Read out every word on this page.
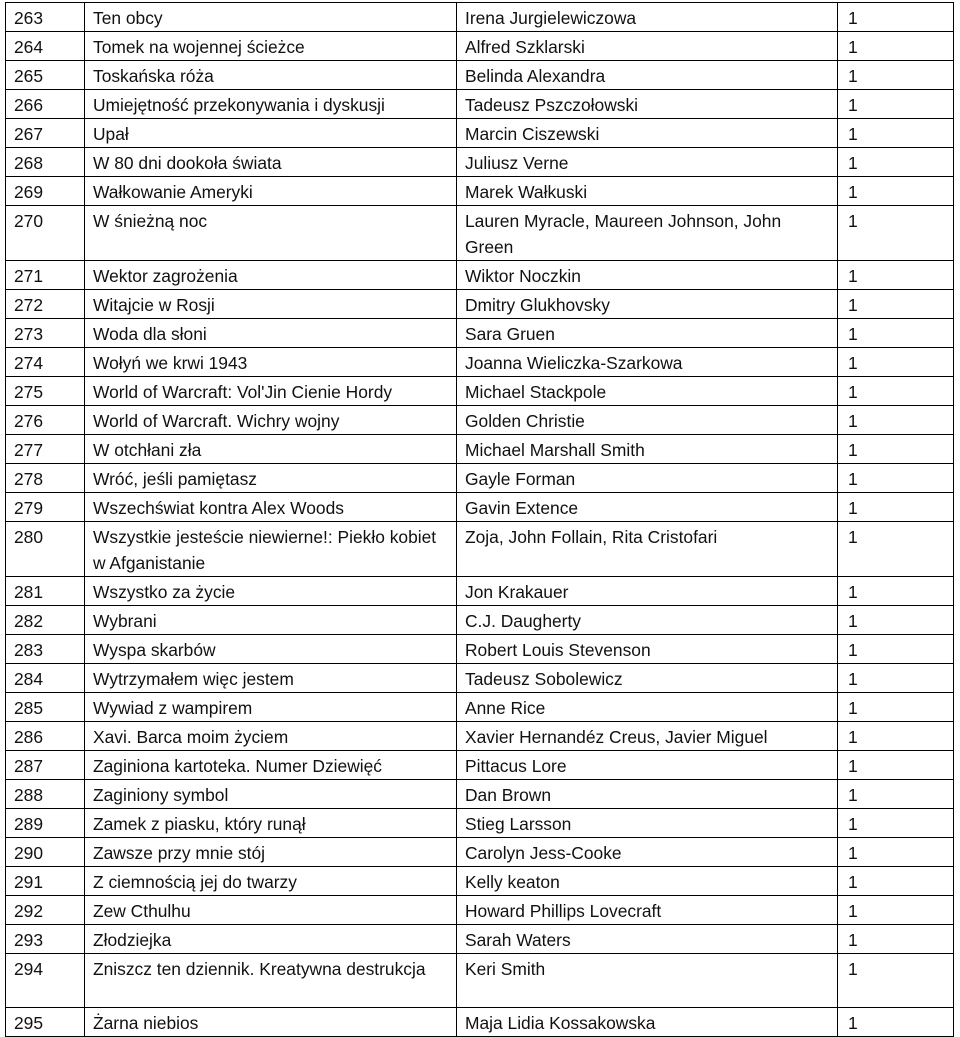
263	Ten obcy	Irena Jurgielewiczowa	1
264	Tomek na wojennej ścieżce	Alfred Szklarski	1
265	Toskańska róża	Belinda Alexandra	1
266	Umiejętność przekonywania i dyskusji	Tadeusz Pszczołowski	1
267	Upał	Marcin Ciszewski	1
268	W 80 dni dookoła świata	Juliusz Verne	1
269	Wałkowanie Ameryki	Marek Wałkuski	1
270	W śnieżną noc	Lauren Myracle, Maureen Johnson, John Green	1
271	Wektor zagrożenia	Wiktor Noczkin	1
272	Witajcie w Rosji	Dmitry Glukhovsky	1
273	Woda dla słoni	Sara Gruen	1
274	Wołyń we krwi 1943	Joanna Wieliczka-Szarkowa	1
275	World of Warcraft: Vol'Jin Cienie Hordy	Michael Stackpole	1
276	World of Warcraft. Wichry wojny	Golden Christie	1
277	W otchłani zła	Michael Marshall Smith	1
278	Wróć, jeśli pamiętasz	Gayle Forman	1
279	Wszechświat kontra Alex Woods	Gavin Extence	1
280	Wszystkie jesteście niewierne!: Piekło kobiet w Afganistanie	Zoja, John Follain, Rita Cristofari	1
281	Wszystko za życie	Jon Krakauer	1
282	Wybrani	C.J. Daugherty	1
283	Wyspa skarbów	Robert Louis Stevenson	1
284	Wytrzymałem więc jestem	Tadeusz Sobolewicz	1
285	Wywiad z wampirem	Anne Rice	1
286	Xavi. Barca moim życiem	Xavier Hernandéz Creus, Javier Miguel	1
287	Zaginiona kartoteka. Numer Dziewięć	Pittacus Lore	1
288	Zaginiony symbol	Dan Brown	1
289	Zamek z piasku, który runął	Stieg Larsson	1
290	Zawsze przy mnie stój	Carolyn Jess-Cooke	1
291	Z ciemnością jej do twarzy	Kelly keaton	1
292	Zew Cthulhu	Howard Phillips Lovecraft	1
293	Złodziejka	Sarah Waters	1
294	Zniszcz ten dziennik. Kreatywna destrukcja	Keri Smith	1
295	Żarna niebios	Maja Lidia Kossakowska	1
